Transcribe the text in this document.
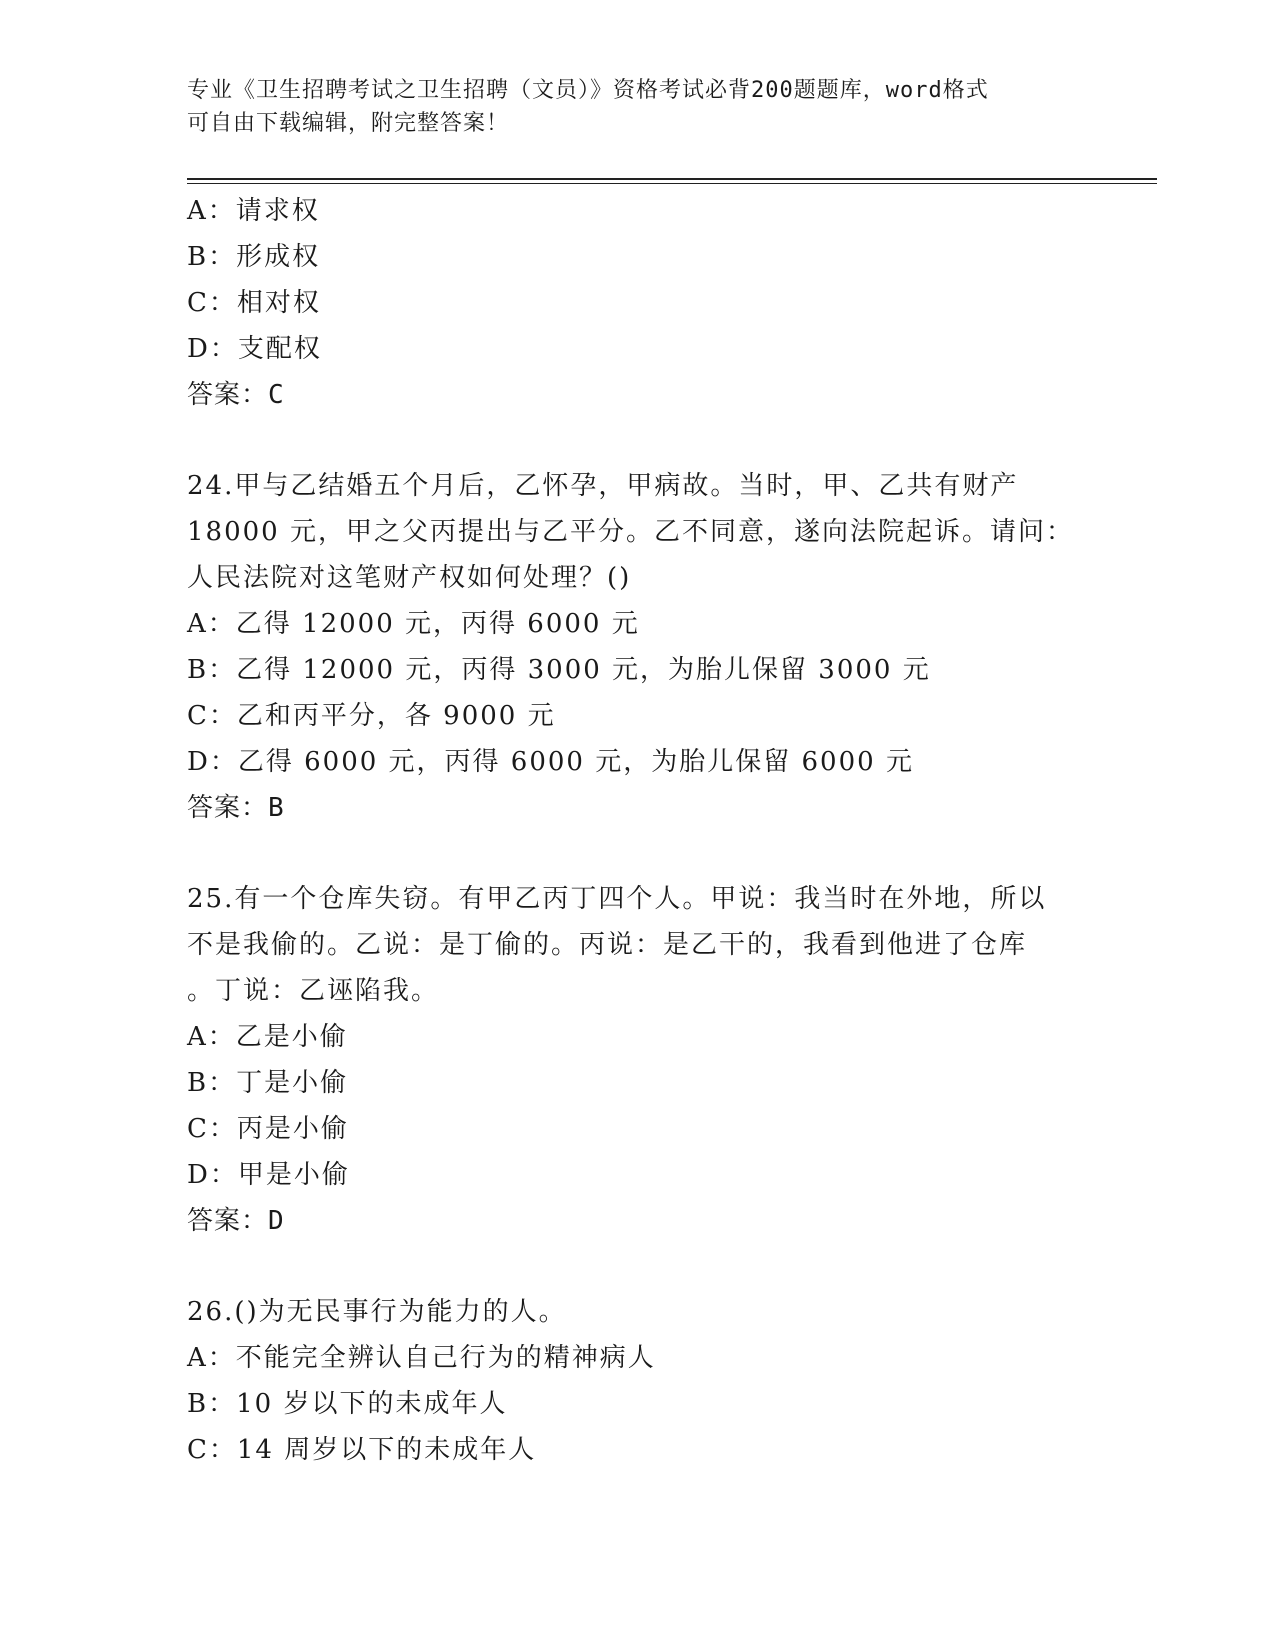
专业《卫生招聘考试之卫生招聘（文员）》资格考试必背200题题库，word格式
可自由下载编辑，附完整答案！
A：请求权
B：形成权
C：相对权
D：支配权
答案：C
24.甲与乙结婚五个月后，乙怀孕，甲病故。当时，甲、乙共有财产
18000 元，甲之父丙提出与乙平分。乙不同意，遂向法院起诉。请问：
人民法院对这笔财产权如何处理？()
A：乙得 12000 元，丙得 6000 元
B：乙得 12000 元，丙得 3000 元，为胎儿保留 3000 元
C：乙和丙平分，各 9000 元
D：乙得 6000 元，丙得 6000 元，为胎儿保留 6000 元
答案：B
25.有一个仓库失窃。有甲乙丙丁四个人。甲说：我当时在外地，所以
不是我偷的。乙说：是丁偷的。丙说：是乙干的，我看到他进了仓库
。丁说：乙诬陷我。
A：乙是小偷
B：丁是小偷
C：丙是小偷
D：甲是小偷
答案：D
26.()为无民事行为能力的人。
A：不能完全辨认自己行为的精神病人
B：10 岁以下的未成年人
C：14 周岁以下的未成年人
